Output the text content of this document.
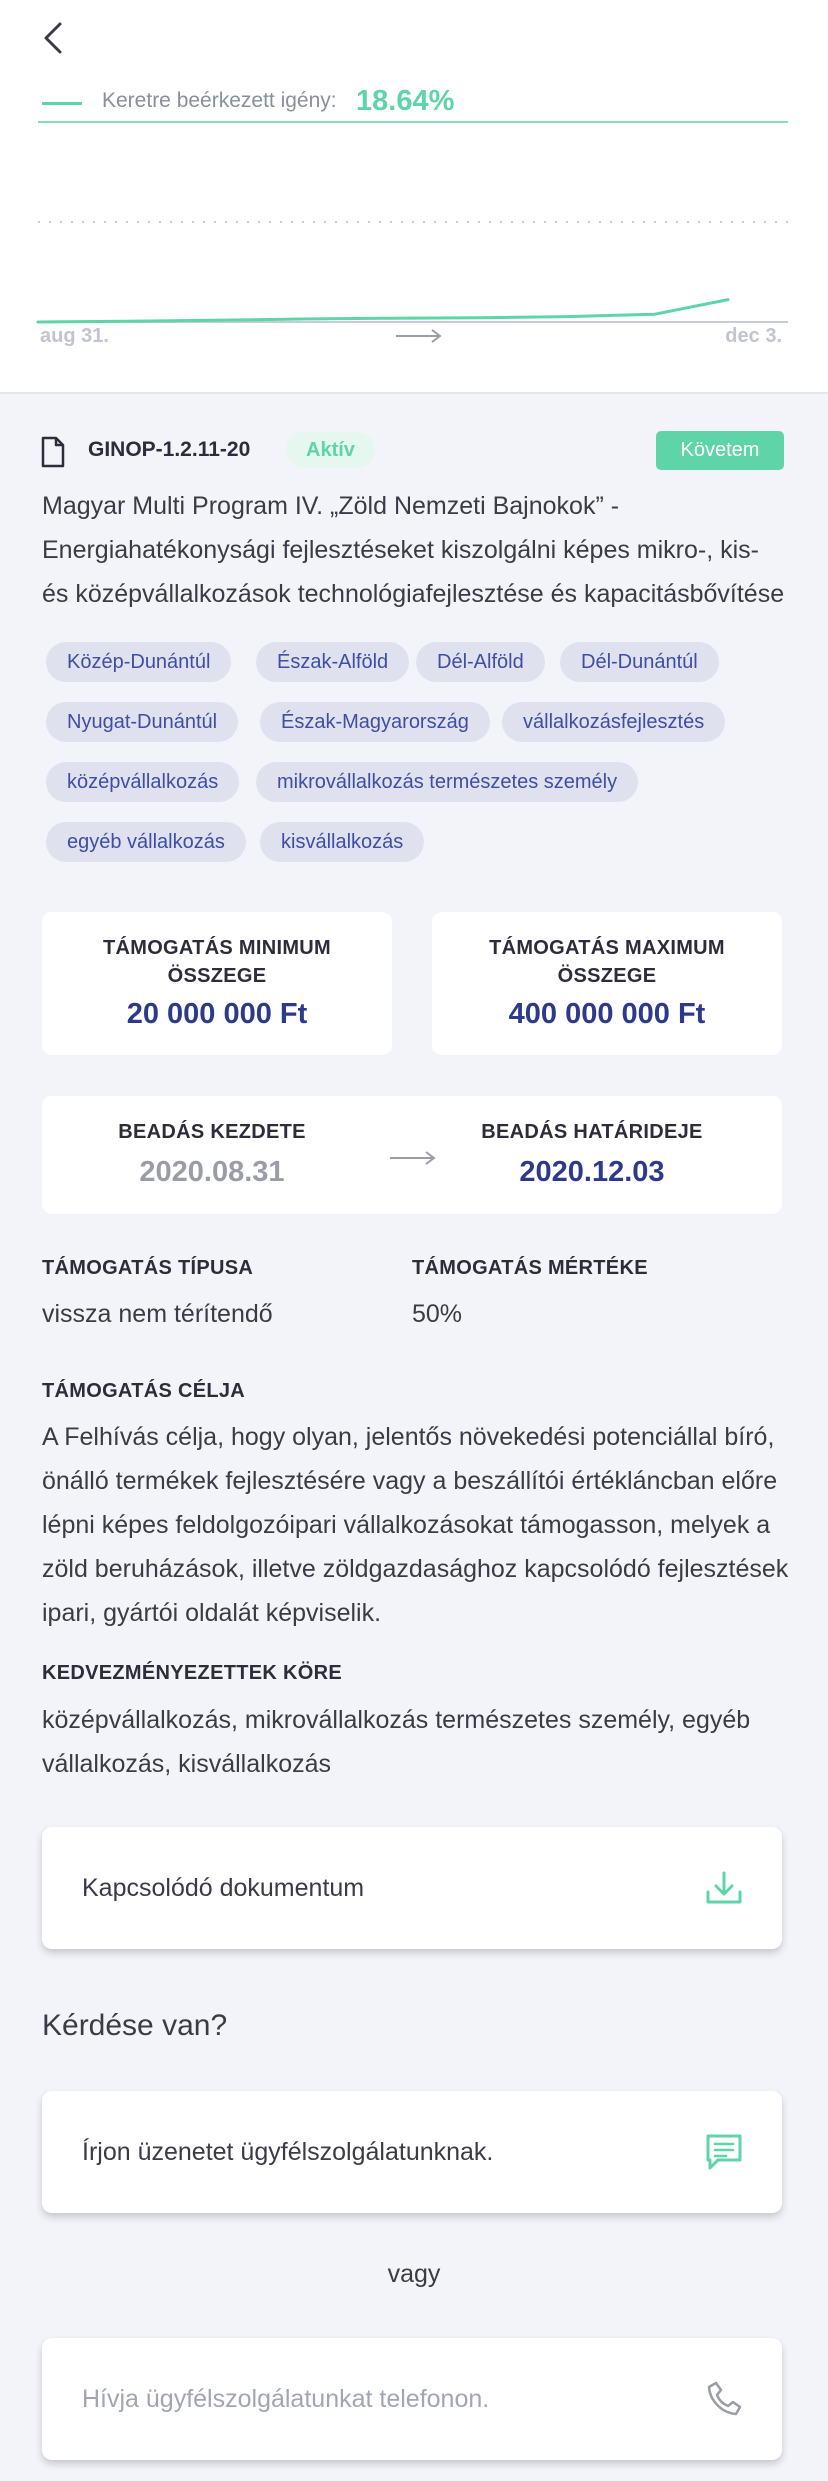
Keretre beérkezett igény: 18.64%
aug 31.	dec 3.
GINOP-1.2.11-20	Aktív	Követem
Magyar Multi Program IV. „Zöld Nemzeti Bajnokok” - Energiahatékonysági fejlesztéseket kiszolgálni képes mikro-, kis- és középvállalkozások technológiafejlesztése és kapacitásbővítése
Közép-Dunántúl	Észak-Alföld	Dél-Alföld	Dél-Dunántúl
Nyugat-Dunántúl	Észak-Magyarország	vállalkozásfejlesztés
középvállalkozás	mikrovállalkozás természetes személy
egyéb vállalkozás	kisvállalkozás
TÁMOGATÁS MINIMUM ÖSSZEGE
20 000 000 Ft
TÁMOGATÁS MAXIMUM ÖSSZEGE
400 000 000 Ft
BEADÁS KEZDETE
2020.08.31
BEADÁS HATÁRIDEJE
2020.12.03
TÁMOGATÁS TÍPUSA
vissza nem térítendő
TÁMOGATÁS MÉRTÉKE
50%
TÁMOGATÁS CÉLJA
A Felhívás célja, hogy olyan, jelentős növekedési potenciállal bíró, önálló termékek fejlesztésére vagy a beszállítói értékláncban előre lépni képes feldolgozóipari vállalkozásokat támogasson, melyek a zöld beruházások, illetve zöldgazdasághoz kapcsolódó fejlesztések ipari, gyártói oldalát képviselik.
KEDVEZMÉNYEZETTEK KÖRE
középvállalkozás, mikrovállalkozás természetes személy, egyéb vállalkozás, kisvállalkozás
Kapcsolódó dokumentum
Kérdése van?
Írjon üzenetet ügyfélszolgálatunknak.
vagy
Hívja ügyfélszolgálatunkat telefonon.
